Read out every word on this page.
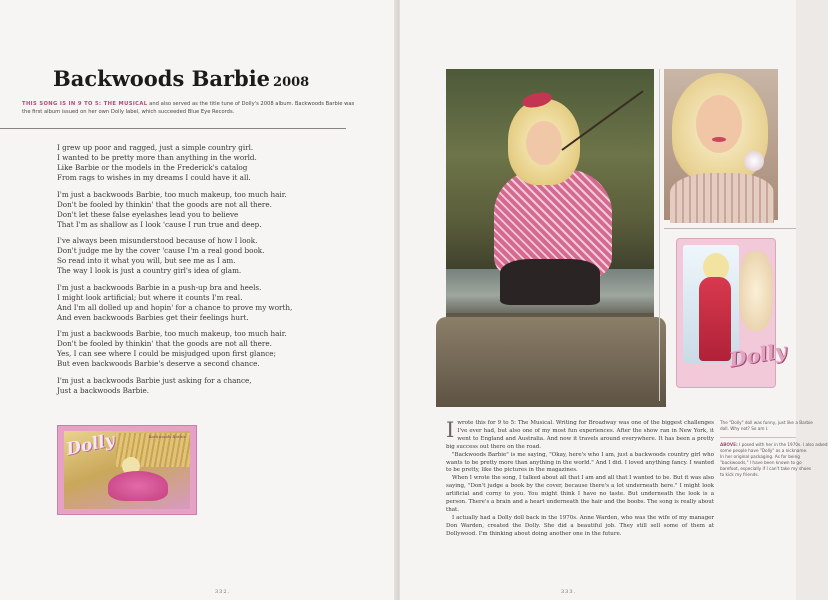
Backwoods Barbie 2008

THIS SONG IS IN 9 TO 5: THE MUSICAL and also served as the title tune of Dolly's 2008 album. Backwoods Barbie was the first album issued on her own Dolly label, which succeeded Blue Eye Records.

I grew up poor and ragged, just a simple country girl.
I wanted to be pretty more than anything in the world.
Like Barbie or the models in the Frederick's catalog
From rags to wishes in my dreams I could have it all.

I'm just a backwoods Barbie, too much makeup, too much hair.
Don't be fooled by thinkin' that the goods are not all there.
Don't let these false eyelashes lead you to believe
That I'm as shallow as I look 'cause I run true and deep.

I've always been misunderstood because of how I look.
Don't judge me by the cover 'cause I'm a real good book.
So read into it what you will, but see me as I am.
The way I look is just a country girl's idea of glam.

I'm just a backwoods Barbie in a push-up bra and heels.
I might look artificial; but where it counts I'm real.
And I'm all dolled up and hopin' for a chance to prove my worth,
And even backwoods Barbies get their feelings hurt.

I'm just a backwoods Barbie, too much makeup, too much hair.
Don't be fooled by thinkin' that the goods are not all there.
Yes, I can see where I could be misjudged upon first glance;
But even backwoods Barbie's deserve a second chance.

I'm just a backwoods Barbie just asking for a chance,
Just a backwoods Barbie.

Dolly	Backwoods Barbie
332.
Dolly
Iwrote this for 9 to 5: The Musical. Writing for Broadway was one of the biggest challenges I've ever had, but also one of my most fun experiences. After the show ran in New York, it went to England and Australia. And now it travels around everywhere. It has been a pretty big success out there on the road.
"Backwoods Barbie" is me saying, "Okay, here's who I am, just a backwoods country girl who wants to be pretty more than anything in the world." And I did. I loved anything fancy. I wanted to be pretty, like the pictures in the magazines.
When I wrote the song, I talked about all that I am and all that I wanted to be. But it was also saying, "Don't judge a book by the cover, because there's a lot underneath here." I might look artificial and corny to you. You might think I have no taste. But underneath the look is a person. There's a brain and a heart underneath the hair and the boobs. The song is really about that.
I actually had a Dolly doll back in the 1970s. Anne Warden, who was the wife of my manager Don Warden, created the Dolly. She did a beautiful job. They still sell some of them at Dollywood. I'm thinking about doing another one in the future.
The "Dolly" doll was funny, just like a Barbie
doll. Why not? So am I.
ABOVE: I posed with her in the 1970s. I also asked
some people have "Dolly" as a nickname.
In her original packaging. As for being
"backwoods," I have been known to go
barefoot, especially if I can't take my shoes
to kick my friends.
333.
